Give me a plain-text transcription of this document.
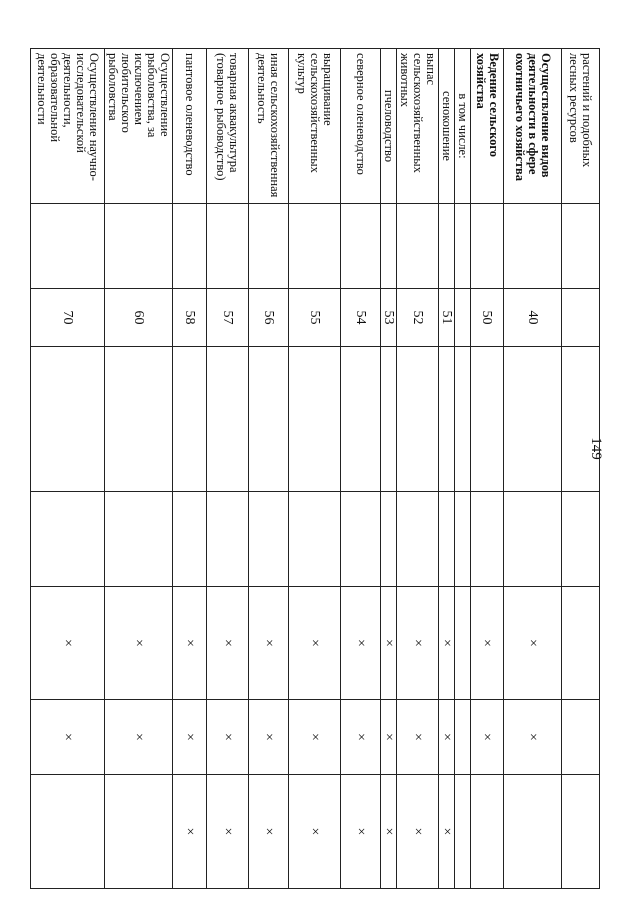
149
растений и подобных лесных ресурсов							
Осуществление видов деятельности в сфере охотничьего хозяйства		40			×	×	
Ведение сельского хозяйства		50			×	×	
в том числе:							
сенокошение		51			×	×	×
выпас сельскохозяйственных животных		52			×	×	×
пчеловодство		53			×	×	×
северное оленеводство		54			×	×	×
выращивание сельскохозяйственных культур		55			×	×	×
иная сельскохозяйственная деятельность		56			×	×	×
товарная аквакультура (товарное рыбоводство)		57			×	×	×
пантовое оленеводство		58			×	×	×
Осуществление рыболовства, за исключением любительского рыболовства		60			×	×	
Осуществление научно-исследовательской деятельности, образовательной деятельности		70			×	×	
